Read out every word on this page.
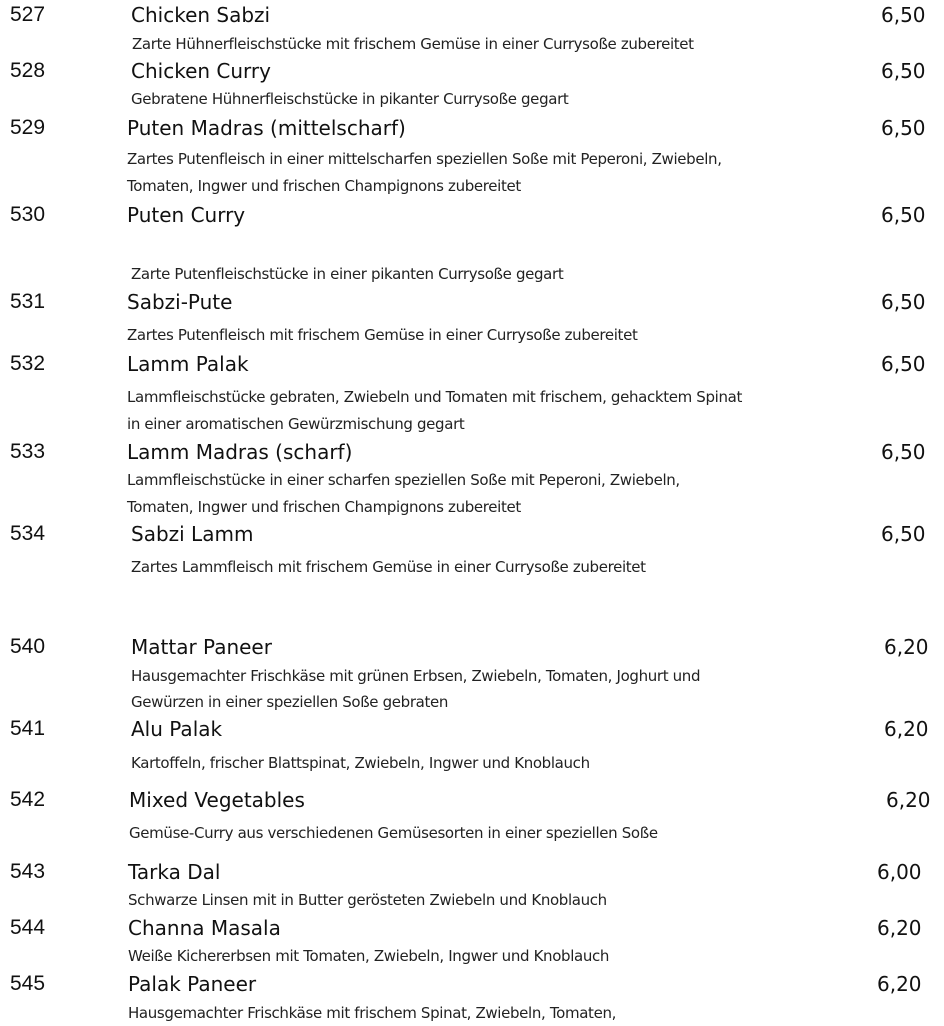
527	Chicken Sabzi	6,50
Zarte Hühnerfleischstücke mit frischem Gemüse in einer Currysoße zubereitet
528	Chicken Curry	6,50
Gebratene Hühnerfleischstücke in pikanter Currysoße gegart
529	Puten Madras (mittelscharf)	6,50
Zartes Putenfleisch in einer mittelscharfen speziellen Soße mit Peperoni, Zwiebeln,
Tomaten, Ingwer und frischen Champignons zubereitet
530	Puten Curry	6,50
Zarte Putenfleischstücke in einer pikanten Currysoße gegart
531	Sabzi-Pute	6,50
Zartes Putenfleisch mit frischem Gemüse in einer Currysoße zubereitet
532	Lamm Palak	6,50
Lammfleischstücke gebraten, Zwiebeln und Tomaten mit frischem, gehacktem Spinat
in einer aromatischen Gewürzmischung gegart
533	Lamm Madras (scharf)	6,50
Lammfleischstücke in einer scharfen speziellen Soße mit Peperoni, Zwiebeln,
Tomaten, Ingwer und frischen Champignons zubereitet
534	Sabzi Lamm	6,50
Zartes Lammfleisch mit frischem Gemüse in einer Currysoße zubereitet
540	Mattar Paneer	6,20
Hausgemachter Frischkäse mit grünen Erbsen, Zwiebeln, Tomaten, Joghurt und
Gewürzen in einer speziellen Soße gebraten
541	Alu Palak	6,20
Kartoffeln, frischer Blattspinat, Zwiebeln, Ingwer und Knoblauch
542	Mixed Vegetables	6,20
Gemüse-Curry aus verschiedenen Gemüsesorten in einer speziellen Soße
543	Tarka Dal	6,00
Schwarze Linsen mit in Butter gerösteten Zwiebeln und Knoblauch
544	Channa Masala	6,20
Weiße Kichererbsen mit Tomaten, Zwiebeln, Ingwer und Knoblauch
545	Palak Paneer	6,20
Hausgemachter Frischkäse mit frischem Spinat, Zwiebeln, Tomaten,
